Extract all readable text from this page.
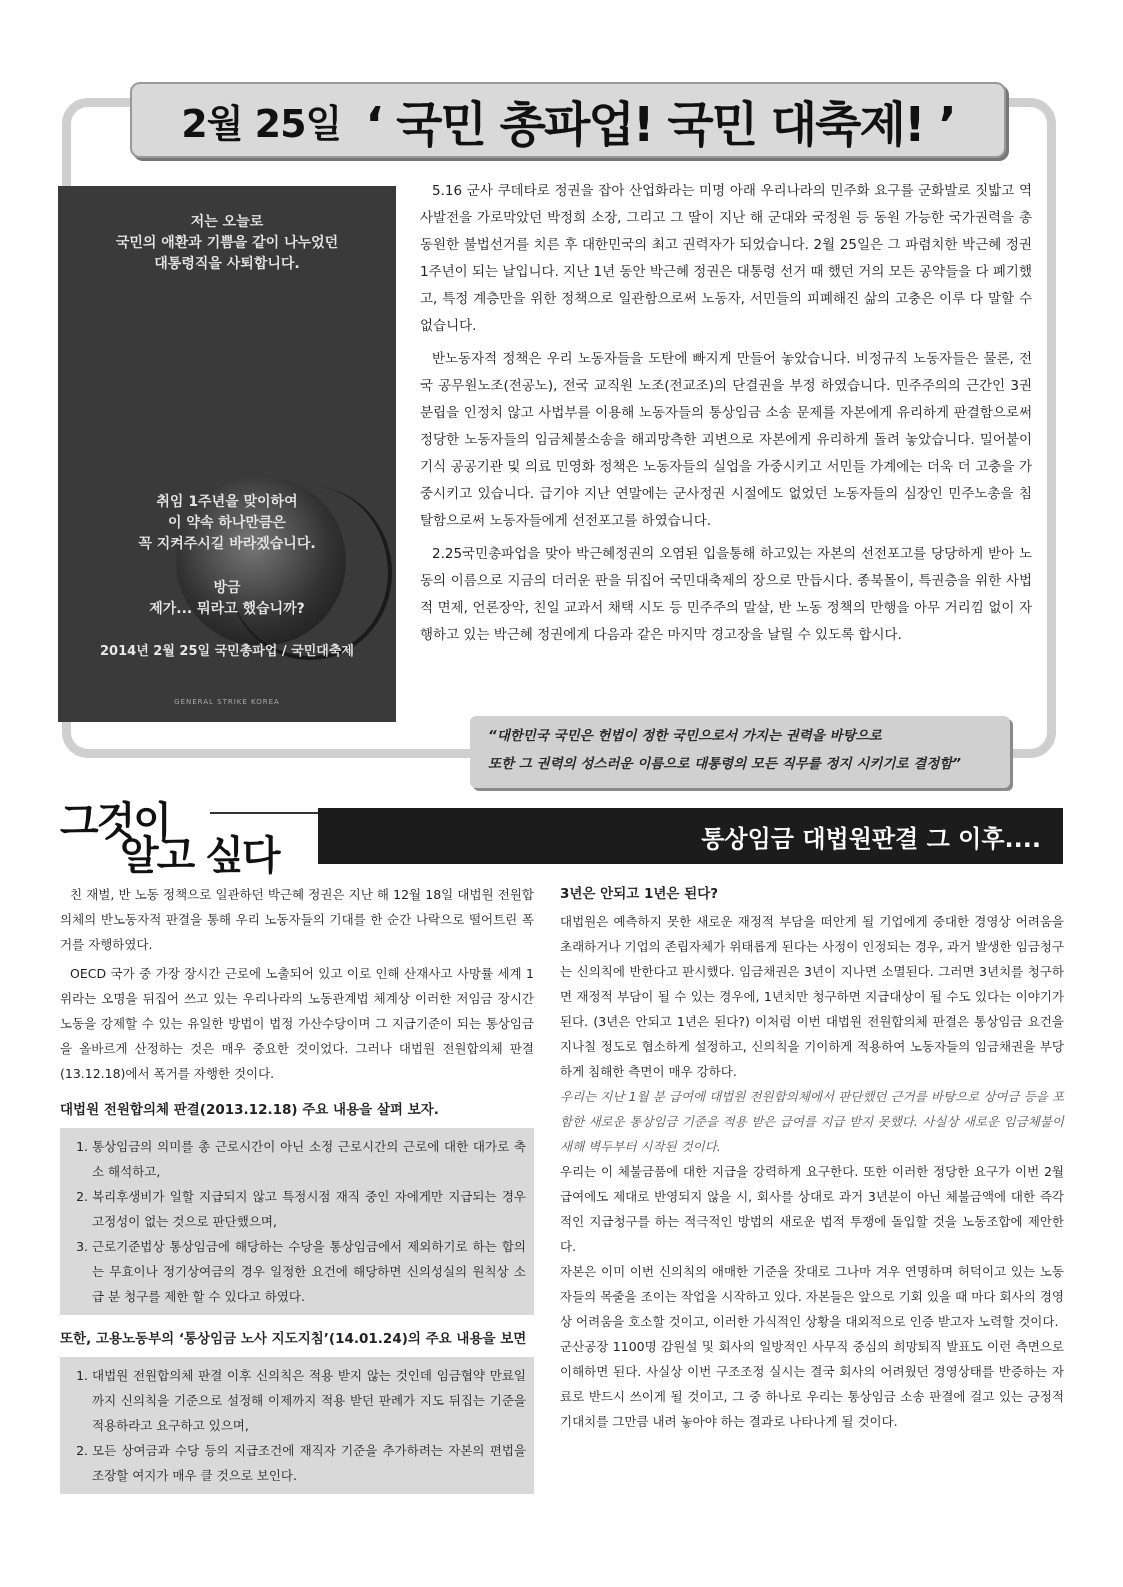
2월 25일 ‘ 국민 총파업! 국민 대축제! ’
저는 오늘로
국민의 애환과 기쁨을 같이 나누었던
대통령직을 사퇴합니다.
취임 1주년을 맞이하여
이 약속 하나만큼은
꼭 지켜주시길 바라겠습니다.
방금
제가... 뭐라고 했습니까?
2014년 2월 25일 국민총파업 / 국민대축제
GENERAL STRIKE KOREA

5.16 군사 쿠데타로 정권을 잡아 산업화라는 미명 아래 우리나라의 민주화 요구를 군화발로 짓밟고 역사발전을 가로막았던 박정희 소장, 그리고 그 딸이 지난 해 군대와 국정원 등 동원 가능한 국가권력을 총동원한 불법선거를 치른 후 대한민국의 최고 권력자가 되었습니다. 2월 25일은 그 파렴치한 박근혜 정권 1주년이 되는 날입니다. 지난 1년 동안 박근혜 정권은 대통령 선거 때 했던 거의 모든 공약들을 다 폐기했고, 특정 계층만을 위한 정책으로 일관함으로써 노동자, 서민들의 피폐해진 삶의 고충은 이루 다 말할 수 없습니다.

반노동자적 정책은 우리 노동자들을 도탄에 빠지게 만들어 놓았습니다. 비정규직 노동자들은 물론, 전국 공무원노조(전공노), 전국 교직원 노조(전교조)의 단결권을 부정 하였습니다. 민주주의의 근간인 3권 분립을 인정치 않고 사법부를 이용해 노동자들의 통상임금 소송 문제를 자본에게 유리하게 판결함으로써 정당한 노동자들의 임금체불소송을 해괴망측한 괴변으로 자본에게 유리하게 돌려 놓았습니다. 밀어붙이기식 공공기관 및 의료 민영화 정책은 노동자들의 실업을 가중시키고 서민들 가계에는 더욱 더 고충을 가중시키고 있습니다. 급기야 지난 연말에는 군사정권 시절에도 없었던 노동자들의 심장인 민주노총을 침탈함으로써 노동자들에게 선전포고를 하였습니다.

2.25국민총파업을 맞아 박근혜정권의 오염된 입을통해 하고있는 자본의 선전포고를 당당하게 받아 노동의 이름으로 지금의 더러운 판을 뒤집어 국민대축제의 장으로 만듭시다. 종북몰이, 특권층을 위한 사법적 면제, 언론장악, 친일 교과서 채택 시도 등 민주주의 말살, 반 노동 정책의 만행을 아무 거리낌 없이 자행하고 있는 박근혜 정권에게 다음과 같은 마지막 경고장을 날릴 수 있도록 합시다.

“대한민국 국민은 헌법이 정한 국민으로서 가지는 권력을 바탕으로
또한 그 권력의 성스러운 이름으로 대통령의 모든 직무를 정지 시키기로 결정함”
그것이
알고 싶다	통상임금 대법원판결 그 이후....

친 재벌, 반 노동 정책으로 일관하던 박근혜 정권은 지난 해 12월 18일 대법원 전원합의체의 반노동자적 판결을 통해 우리 노동자들의 기대를 한 순간 나락으로 떨어트린 폭거를 자행하였다.

OECD 국가 중 가장 장시간 근로에 노출되어 있고 이로 인해 산재사고 사망률 세계 1위라는 오명을 뒤집어 쓰고 있는 우리나라의 노동관계법 체계상 이러한 저임금 장시간 노동을 강제할 수 있는 유일한 방법이 법정 가산수당이며 그 지급기준이 되는 통상임금을 올바르게 산정하는 것은 매우 중요한 것이었다. 그러나 대법원 전원합의체 판결(13.12.18)에서 폭거를 자행한 것이다.

대법원 전원합의체 판결(2013.12.18) 주요 내용을 살펴 보자.
1. 통상임금의 의미를 총 근로시간이 아닌 소정 근로시간의 근로에 대한 대가로 축소 해석하고,
2. 복리후생비가 일할 지급되지 않고 특정시점 재직 중인 자에게만 지급되는 경우 고정성이 없는 것으로 판단했으며,
3. 근로기준법상 통상임금에 해당하는 수당을 통상임금에서 제외하기로 하는 합의는 무효이나 정기상여금의 경우 일정한 요건에 해당하면 신의성실의 원칙상 소급 분 청구를 제한 할 수 있다고 하였다.
또한, 고용노동부의 ‘통상임금 노사 지도지침’(14.01.24)의 주요 내용을 보면
1. 대법원 전원합의체 판결 이후 신의칙은 적용 받지 않는 것인데 임금협약 만료일까지 신의칙을 기준으로 설정해 이제까지 적용 받던 판례가 지도 뒤집는 기준을 적용하라고 요구하고 있으며,
2. 모든 상여금과 수당 등의 지급조건에 재직자 기준을 추가하려는 자본의 편법을 조장할 여지가 매우 클 것으로 보인다.
3년은 안되고 1년은 된다?

대법원은 예측하지 못한 새로운 재정적 부담을 떠안게 될 기업에게 중대한 경영상 어려움을 초래하거나 기업의 존립자체가 위태롭게 된다는 사정이 인정되는 경우, 과거 발생한 임금청구는 신의칙에 반한다고 판시했다. 임금채권은 3년이 지나면 소멸된다. 그러면 3년치를 청구하면 재정적 부담이 될 수 있는 경우에, 1년치만 청구하면 지급대상이 될 수도 있다는 이야기가 된다. (3년은 안되고 1년은 된다?) 이처럼 이번 대법원 전원합의체 판결은 통상임금 요건을 지나칠 정도로 협소하게 설정하고, 신의칙을 기이하게 적용하여 노동자들의 임금채권을 부당하게 침해한 측면이 매우 강하다.

우리는 지난 1월 분 급여에 대법원 전원합의체에서 판단했던 근거를 바탕으로 상여금 등을 포함한 새로운 통상임금 기준을 적용 받은 급여를 지급 받지 못했다. 사실상 새로운 임금체불이 새해 벽두부터 시작된 것이다.

우리는 이 체불금품에 대한 지급을 강력하게 요구한다. 또한 이러한 정당한 요구가 이번 2월 급여에도 제대로 반영되지 않을 시, 회사를 상대로 과거 3년분이 아닌 체불금액에 대한 즉각적인 지급청구를 하는 적극적인 방법의 새로운 법적 투쟁에 돌입할 것을 노동조합에 제안한다.

자본은 이미 이번 신의칙의 애매한 기준을 잣대로 그나마 겨우 연명하며 허덕이고 있는 노동자들의 목줄을 조이는 작업을 시작하고 있다. 자본들은 앞으로 기회 있을 때 마다 회사의 경영상 어려움을 호소할 것이고, 이러한 가식적인 상황을 대외적으로 인증 받고자 노력할 것이다.

군산공장 1100명 감원설 및 회사의 일방적인 사무직 중심의 희망퇴직 발표도 이런 측면으로 이해하면 된다. 사실상 이번 구조조정 실시는 결국 회사의 어려웠던 경영상태를 반증하는 자료로 반드시 쓰이게 될 것이고, 그 중 하나로 우리는 통상임금 소송 판결에 걸고 있는 긍정적 기대치를 그만큼 내려 놓아야 하는 결과로 나타나게 될 것이다.
